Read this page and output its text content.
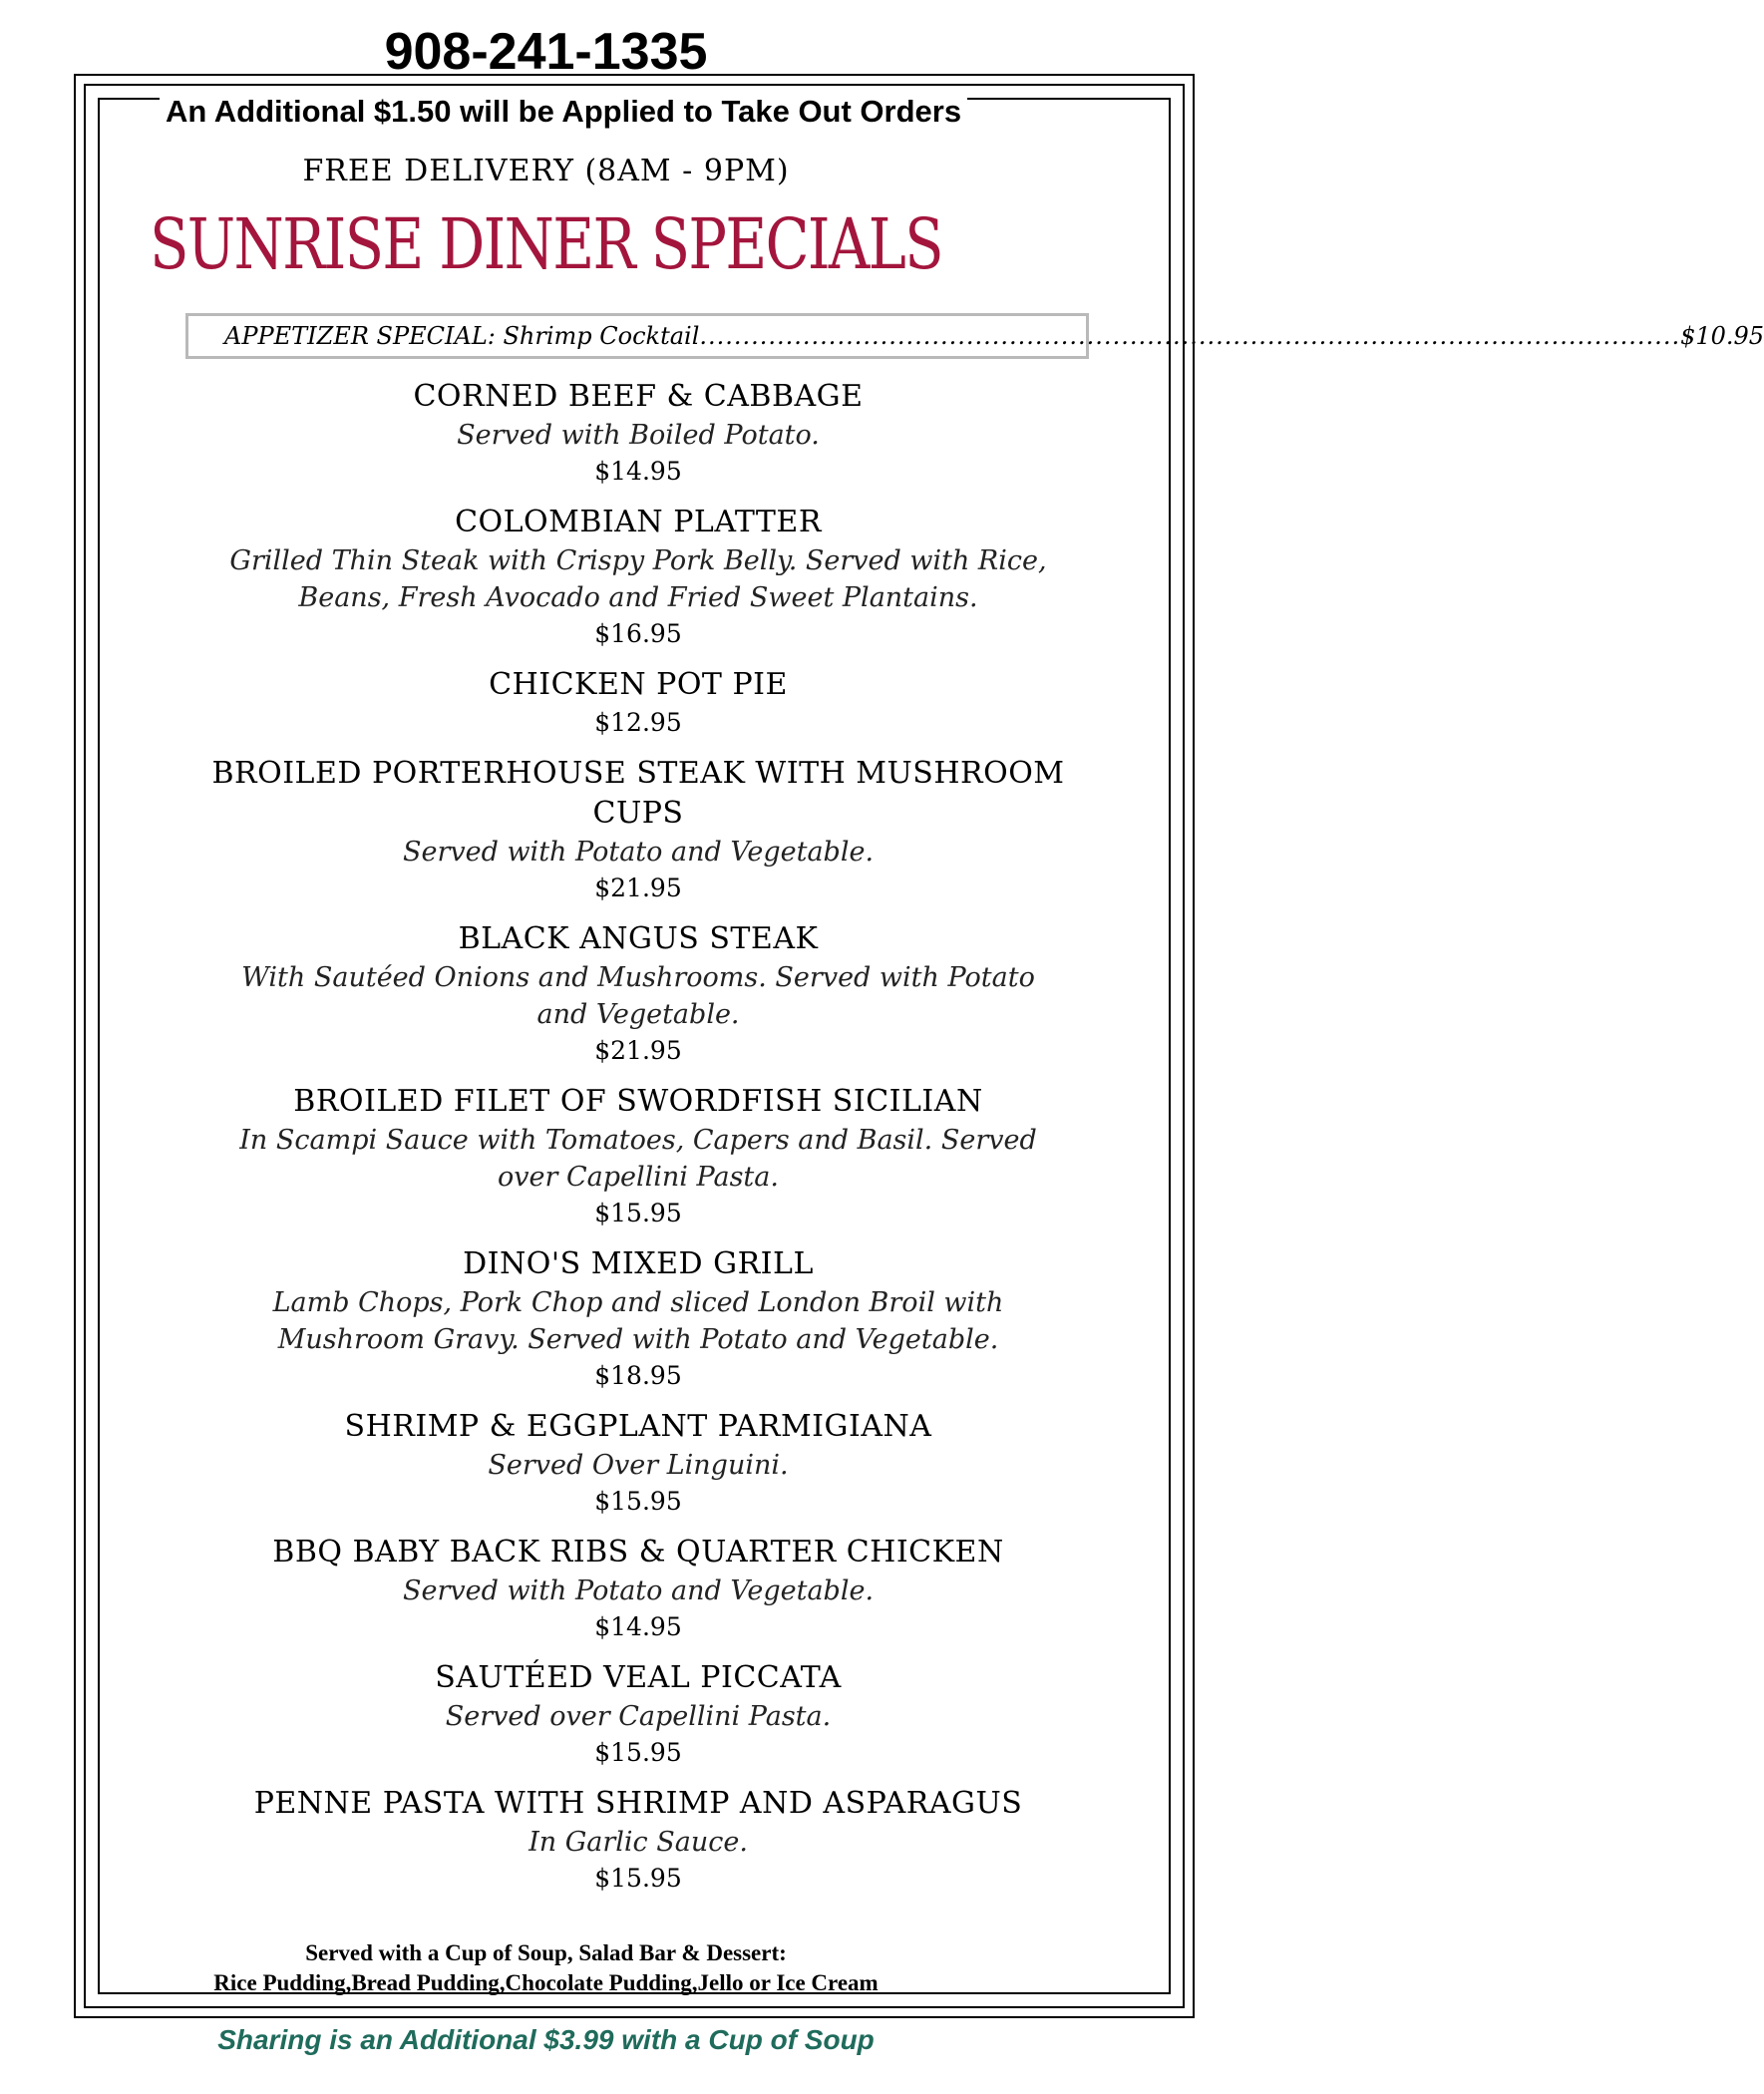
908-241-1335
An Additional $1.50 will be Applied to Take Out Orders
FREE DELIVERY (8AM - 9PM)
SUNRISE DINER SPECIALS
APPETIZER SPECIAL: Shrimp Cocktail .................................................................................................................. $10.95
CORNED BEEF & CABBAGE
Served with Boiled Potato.
$14.95
COLOMBIAN PLATTER
Grilled Thin Steak with Crispy Pork Belly. Served with Rice, Beans, Fresh Avocado and Fried Sweet Plantains.
$16.95
CHICKEN POT PIE
$12.95
BROILED PORTERHOUSE STEAK WITH MUSHROOM CUPS
Served with Potato and Vegetable.
$21.95
BLACK ANGUS STEAK
With Sautéed Onions and Mushrooms. Served with Potato and Vegetable.
$21.95
BROILED FILET OF SWORDFISH SICILIAN
In Scampi Sauce with Tomatoes, Capers and Basil. Served over Capellini Pasta.
$15.95
DINO'S MIXED GRILL
Lamb Chops, Pork Chop and sliced London Broil with Mushroom Gravy. Served with Potato and Vegetable.
$18.95
SHRIMP & EGGPLANT PARMIGIANA
Served Over Linguini.
$15.95
BBQ BABY BACK RIBS & QUARTER CHICKEN
Served with Potato and Vegetable.
$14.95
SAUTÉED VEAL PICCATA
Served over Capellini Pasta.
$15.95
PENNE PASTA WITH SHRIMP AND ASPARAGUS
In Garlic Sauce.
$15.95
Served with a Cup of Soup, Salad Bar & Dessert:
Rice Pudding,Bread Pudding,Chocolate Pudding,Jello or Ice Cream
Sharing is an Additional $3.99 with a Cup of Soup
